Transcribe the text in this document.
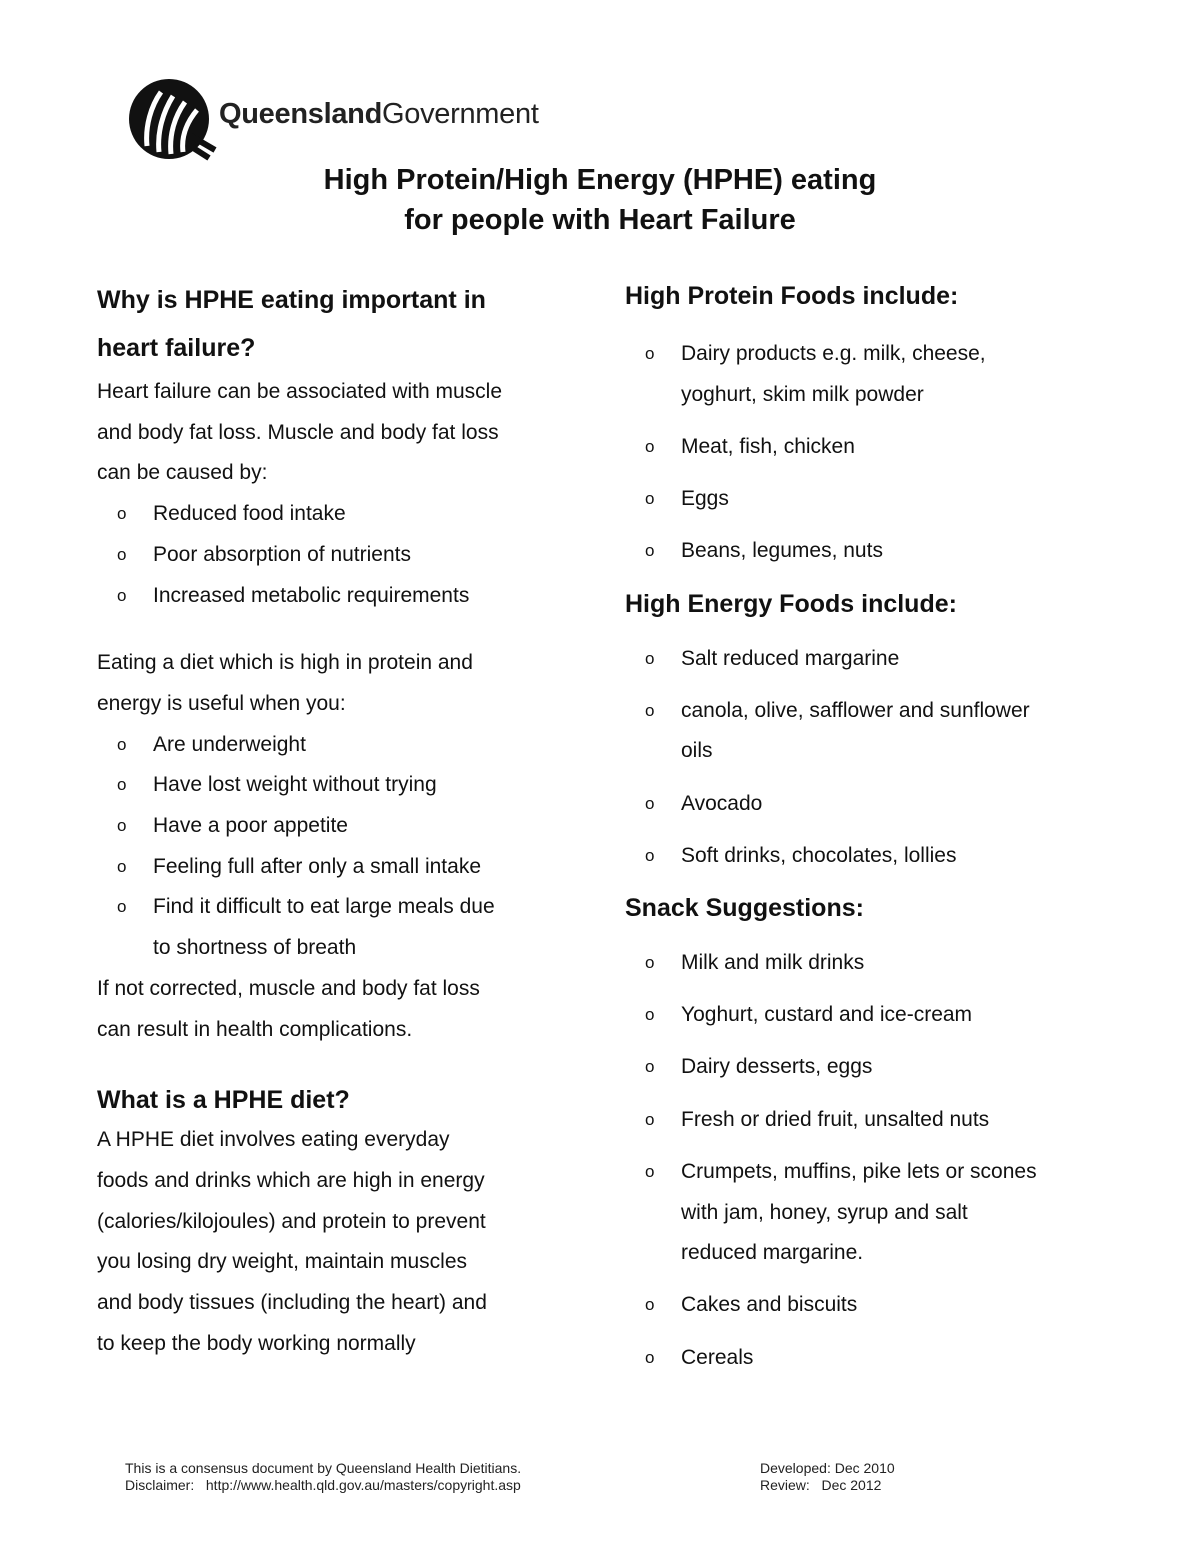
QueenslandGovernment
High Protein/High Energy (HPHE) eating
for people with Heart Failure
Why is HPHE eating important in
heart failure?

Heart failure can be associated with muscle
and body fat loss. Muscle and body fat loss
can be caused by:

o Reduced food intake
o Poor absorption of nutrients
o Increased metabolic requirements

Eating a diet which is high in protein and
energy is useful when you:

o Are underweight
o Have lost weight without trying
o Have a poor appetite
o Feeling full after only a small intake
o Find it difficult to eat large meals due
to shortness of breath

If not corrected, muscle and body fat loss
can result in health complications.

What is a HPHE diet?

A HPHE diet involves eating everyday
foods and drinks which are high in energy
(calories/kilojoules) and protein to prevent
you losing dry weight, maintain muscles
and body tissues (including the heart) and
to keep the body working normally

High Protein Foods include:
o Dairy products e.g. milk, cheese,
yoghurt, skim milk powder
o Meat, fish, chicken
o Eggs
o Beans, legumes, nuts
High Energy Foods include:
o Salt reduced margarine
o canola, olive, safflower and sunflower
oils
o Avocado
o Soft drinks, chocolates, lollies
Snack Suggestions:
o Milk and milk drinks
o Yoghurt, custard and ice-cream
o Dairy desserts, eggs
o Fresh or dried fruit, unsalted nuts
o Crumpets, muffins, pike lets or scones
with jam, honey, syrup and salt
reduced margarine.
o Cakes and biscuits
o Cereals
This is a consensus document by Queensland Health Dietitians.
Disclaimer:   http://www.health.qld.gov.au/masters/copyright.asp
Developed: Dec 2010
Review:   Dec 2012
